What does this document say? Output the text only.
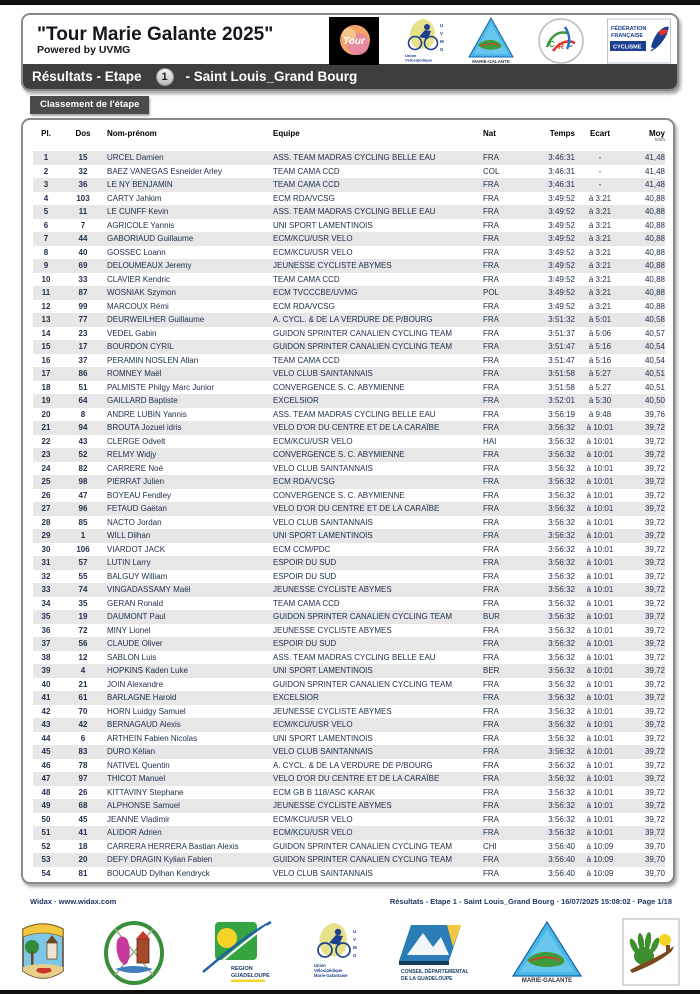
"Tour Marie Galante 2025"
Powered by UVMG
Tour
Union
Vélocipédique
U
V
M
G
MARIE-GALANTE
C R C
FÉDÉRATION
FRANÇAISE
CYCLISME
Résultats - Etape	1	- Saint Louis_Grand Bourg
Classement de l'étape
Pl.	Dos	Nom-prénom	Equipe	Nat	Temps	Ecart	Moy
km/h

1	15	URCEL Damien	ASS. TEAM MADRAS CYCLING BELLE EAU	FRA	3:46:31	-	41,48
2	32	BAEZ VANEGAS Esneider Arley	TEAM CAMA CCD	COL	3:46:31	-	41,48
3	36	LE NY BENJAMIN	TEAM CAMA CCD	FRA	3:46:31	-	41,48
4	103	CARTY Jahkim	ECM RDA/VCSG	FRA	3:49:52	à 3:21	40,88
5	11	LE CUNFF Kevin	ASS. TEAM MADRAS CYCLING BELLE EAU	FRA	3:49:52	à 3:21	40,88
6	7	AGRICOLE Yannis	UNI SPORT LAMENTINOIS	FRA	3:49:52	à 3:21	40,88
7	44	GABORIAUD Guillaume	ECM/KCU/USR VELO	FRA	3:49:52	à 3:21	40,88
8	40	GOSSEC Loann	ECM/KCU/USR VELO	FRA	3:49:52	à 3:21	40,88
9	69	DELOUMEAUX Jeremy	JEUNESSE CYCLISTE ABYMES	FRA	3:49:52	à 3:21	40,88
10	33	CLAVIER Kendric	TEAM CAMA CCD	FRA	3:49:52	à 3:21	40,88
11	87	WOSNIAK Szymon	ECM TVCCCBE/UVMG	POL	3:49:52	à 3:21	40,88
12	99	MARCOUX Rémi	ECM RDA/VCSG	FRA	3:49:52	à 3:21	40,88
13	77	DEURWEILHER Guillaume	A. CYCL. & DE LA VERDURE DE P/BOURG	FRA	3:51:32	à 5:01	40,58
14	23	VEDEL Gabin	GUIDON SPRINTER CANALIEN CYCLING TEAM	FRA	3:51:37	à 5:06	40,57
15	17	BOURDON CYRIL	GUIDON SPRINTER CANALIEN CYCLING TEAM	FRA	3:51:47	à 5:16	40,54
16	37	PERAMIN NOSLEN Allan	TEAM CAMA CCD	FRA	3:51:47	à 5:16	40,54
17	86	ROMNEY Maël	VELO CLUB SAINTANNAIS	FRA	3:51:58	à 5:27	40,51
18	51	PALMISTE Philgy Marc Junior	CONVERGENCE S. C. ABYMIENNE	FRA	3:51:58	à 5:27	40,51
19	64	GAILLARD Baptiste	EXCELSIOR	FRA	3:52:01	à 5:30	40,50
20	8	ANDRE LUBIN Yannis	ASS. TEAM MADRAS CYCLING BELLE EAU	FRA	3:56:19	à 9:48	39,76
21	94	BROUTA Jozuel idris	VELO D'OR DU CENTRE ET DE LA CARAÏBE	FRA	3:56:32	à 10:01	39,72
22	43	CLERGE Odvelt	ECM/KCU/USR VELO	HAI	3:56:32	à 10:01	39,72
23	52	RELMY Widjy	CONVERGENCE S. C. ABYMIENNE	FRA	3:56:32	à 10:01	39,72
24	82	CARRERE Noé	VELO CLUB SAINTANNAIS	FRA	3:56:32	à 10:01	39,72
25	98	PIERRAT Julien	ECM RDA/VCSG	FRA	3:56:32	à 10:01	39,72
26	47	BOYEAU Fendley	CONVERGENCE S. C. ABYMIENNE	FRA	3:56:32	à 10:01	39,72
27	96	FETAUD Gaëtan	VELO D'OR DU CENTRE ET DE LA CARAÏBE	FRA	3:56:32	à 10:01	39,72
28	85	NACTO Jordan	VELO CLUB SAINTANNAIS	FRA	3:56:32	à 10:01	39,72
29	1	WILL Dilhan	UNI SPORT LAMENTINOIS	FRA	3:56:32	à 10:01	39,72
30	106	VIARDOT JACK	ECM CCM/PDC	FRA	3:56:32	à 10:01	39,72
31	57	LUTIN Larry	ESPOIR DU SUD	FRA	3:56:32	à 10:01	39,72
32	55	BALGUY William	ESPOIR DU SUD	FRA	3:56:32	à 10:01	39,72
33	74	VINGADASSAMY Maël	JEUNESSE CYCLISTE ABYMES	FRA	3:56:32	à 10:01	39,72
34	35	GERAN Ronald	TEAM CAMA CCD	FRA	3:56:32	à 10:01	39,72
35	19	DAUMONT Paul	GUIDON SPRINTER CANALIEN CYCLING TEAM	BUR	3:56:32	à 10:01	39,72
36	72	MINY Lionel	JEUNESSE CYCLISTE ABYMES	FRA	3:56:32	à 10:01	39,72
37	56	CLAUDE Oliver	ESPOIR DU SUD	FRA	3:56:32	à 10:01	39,72
38	12	SABLON Luis	ASS. TEAM MADRAS CYCLING BELLE EAU	FRA	3:56:32	à 10:01	39,72
39	4	HOPKINS Kaden Luke	UNI SPORT LAMENTINOIS	BER	3:56:32	à 10:01	39,72
40	21	JOIN Alexandre	GUIDON SPRINTER CANALIEN CYCLING TEAM	FRA	3:56:32	à 10:01	39,72
41	61	BARLAGNE Harold	EXCELSIOR	FRA	3:56:32	à 10:01	39,72
42	70	HORN Luidgy Samuel	JEUNESSE CYCLISTE ABYMES	FRA	3:56:32	à 10:01	39,72
43	42	BERNAGAUD Alexis	ECM/KCU/USR VELO	FRA	3:56:32	à 10:01	39,72
44	6	ARTHEIN Fabien Nicolas	UNI SPORT LAMENTINOIS	FRA	3:56:32	à 10:01	39,72
45	83	DURO Kélian	VELO CLUB SAINTANNAIS	FRA	3:56:32	à 10:01	39,72
46	78	NATIVEL Quentin	A. CYCL. & DE LA VERDURE DE P/BOURG	FRA	3:56:32	à 10:01	39,72
47	97	THICOT Manuel	VELO D'OR DU CENTRE ET DE LA CARAÏBE	FRA	3:56:32	à 10:01	39,72
48	26	KITTAVINY Stephane	ECM GB B 118/ASC KARAK	FRA	3:56:32	à 10:01	39,72
49	68	ALPHONSE Samuel	JEUNESSE CYCLISTE ABYMES	FRA	3:56:32	à 10:01	39,72
50	45	JEANNE Vladimir	ECM/KCU/USR VELO	FRA	3:56:32	à 10:01	39,72
51	41	ALIDOR Adrien	ECM/KCU/USR VELO	FRA	3:56:32	à 10:01	39,72
52	18	CARRERA HERRERA Bastian Alexis	GUIDON SPRINTER CANALIEN CYCLING TEAM	CHI	3:56:40	à 10:09	39,70
53	20	DEFY DRAGIN Kylian Fabien	GUIDON SPRINTER CANALIEN CYCLING TEAM	FRA	3:56:40	à 10:09	39,70
54	81	BOUCAUD Dylhan Kendryck	VELO CLUB SAINTANNAIS	FRA	3:56:40	à 10:09	39,70
Widax · www.widax.com	Résultats - Etape 1 - Saint Louis_Grand Bourg · 16/07/2025 15:08:02 · Page 1/18
REGION
GUADELOUPE
Union
Vélocipédique
Marie-Galantaise
U
V
M
G
CONSEIL DÉPARTEMENTAL
DE LA GUADELOUPE	MARIE-GALANTE
